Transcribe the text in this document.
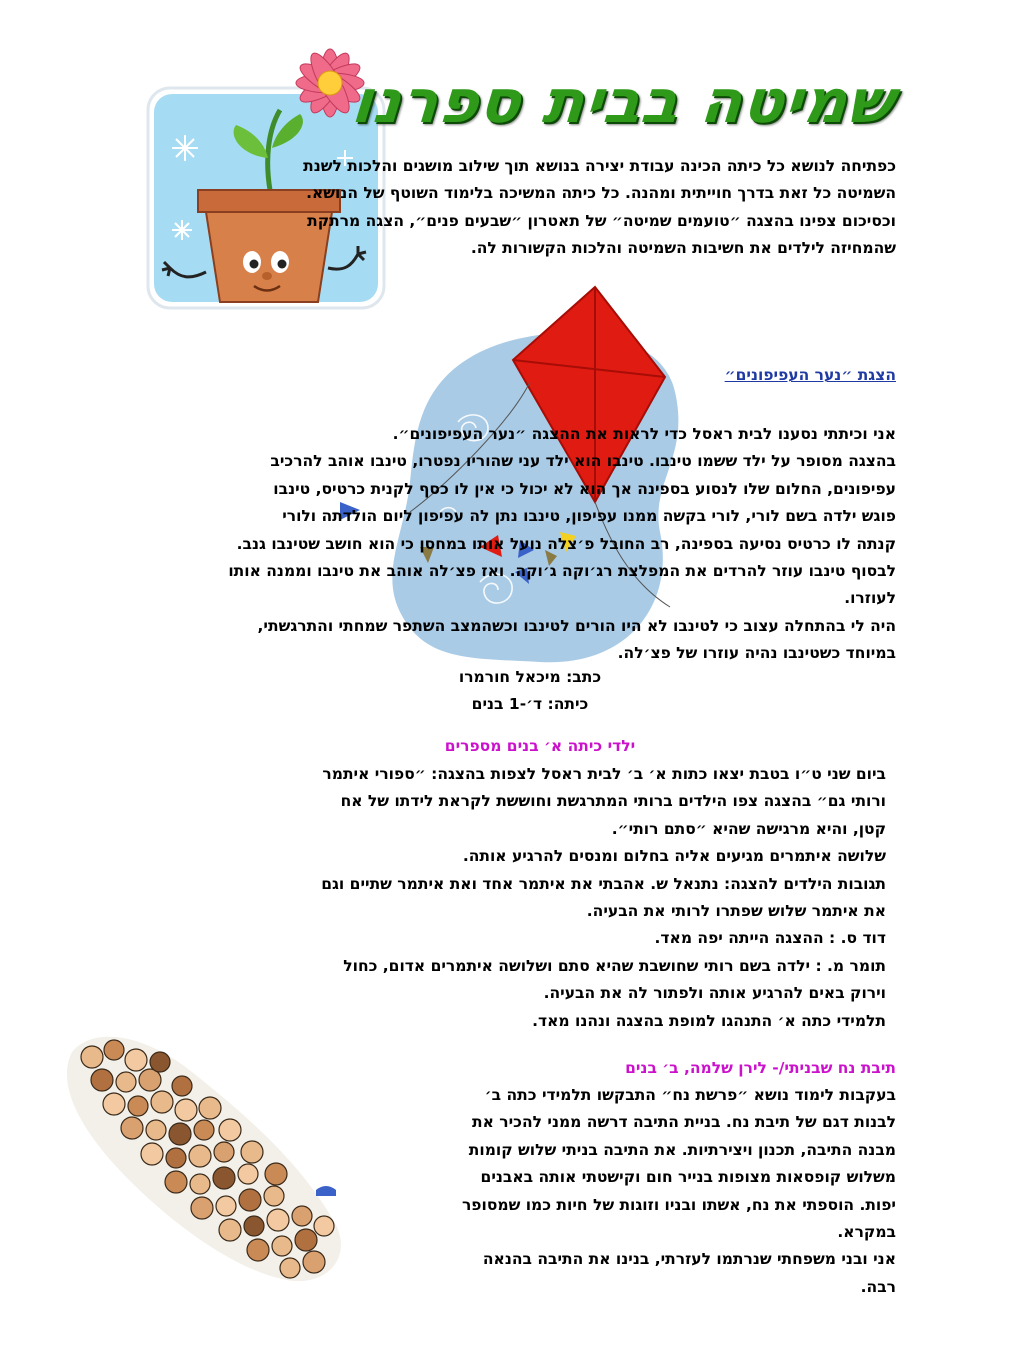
שמיטה בבית ספרנו

כפתיחה לנושא כל כיתה הכינה עבודת יצירה בנושא תוך שילוב מושגים והלכות לשנת

השמיטה כל זאת בדרך חוייתית ומהנה. כל כיתה המשיכה בלימוד השוטף של הנושא.

וכסיכום צפינו בהצגה ״טועמים שמיטה״ של תאטרון ״שבעים פנים״, הצגה מרתקת

שהמחיזה לילדים את חשיבות השמיטה והלכות הקשורות לה.

הצגת ״נער העפיפונים״

אני וכיתתי נסענו לבית ראסל כדי לראות את ההצגה ״נער העפיפונים״.

בהצגה מסופר על ילד ששמו טינבו. טינבו הוא ילד עני שהוריו נפטרו, טינבו אוהב להרכיב

עפיפונים, החלום שלו לנסוע בספינה אך הוא לא יכול כי אין לו כסף לקנית כרטיס, טינבו

פוגש ילדה בשם לורי, לורי בקשה ממנו עפיפון, טינבו נתן לה עפיפון ליום הולדתה ולורי

קנתה לו כרטיס נסיעה בספינה, רב החובל פ׳צלה נועל אותו במחסן כי הוא חושב שטינבו גנב.

לבסוף טינבו עוזר להרדים את המפלצת רג׳וקה ג׳וקה. ואז פצ׳לה אוהב את טינבו וממנה אותו

לעוזרו.

היה לי בהתחלה עצוב כי לטינבו לא היו הורים לטינבו וכשהמצב השתפר שמחתי והתרגשתי,

במיוחד כשטינבו נהיה עוזרו של פצ׳לה.

כתב: מיכאל חורמרו
כיתה: ד׳-1 בנים
ילדי כיתה א׳ בנים מספרים

ביום שני ט״ו בטבת יצאו כתות א׳ ב׳ לבית ראסל לצפות בהצגה: ״ספורי איתמר

ורותי גם״ בהצגה צפו הילדים ברותי המתרגשת וחוששת לקראת לידתו של אח

קטן, והיא מרגישה שהיא ״סתם רותי״.

שלושה איתמרים מגיעים אליה בחלום ומנסים להרגיע אותה.

תגובות הילדים להצגה: נתנאל ש. אהבתי את איתמר אחד ואת איתמר שתיים וגם

את איתמר שלוש שפתרו לרותי את הבעיה.

דוד ס. : ההצגה הייתה יפה מאד.

תומר מ. : ילדה בשם רותי שחושבת שהיא סתם ושלושה איתמרים אדום, כחול

וירוק באים להרגיע אותה ולפתור לה את הבעיה.

תלמידי כתה א׳ התנהגו למופת בהצגה ונהנו מאד.

תיבת נח שבניתי/- לירן שלמה, ב׳ בנים

בעקבות לימוד נושא ״פרשת נח״ התבקשו תלמידי כתה ב׳

לבנות דגם של תיבת נח. בניית התיבה דרשה ממני להכיר את

מבנה התיבה, תכנון ויצירתיות. את התיבה בניתי שלוש קומות

משלוש קופסאות מצופות בנייר חום וקישטתי אותה באבנים

יפות. הוספתי את נח, אשתו ובניו וזוגות של חיות כמו שמסופר

במקרא.

אני ובני משפחתי שנרתמו לעזרתי, בנינו את התיבה בהנאה

רבה.
